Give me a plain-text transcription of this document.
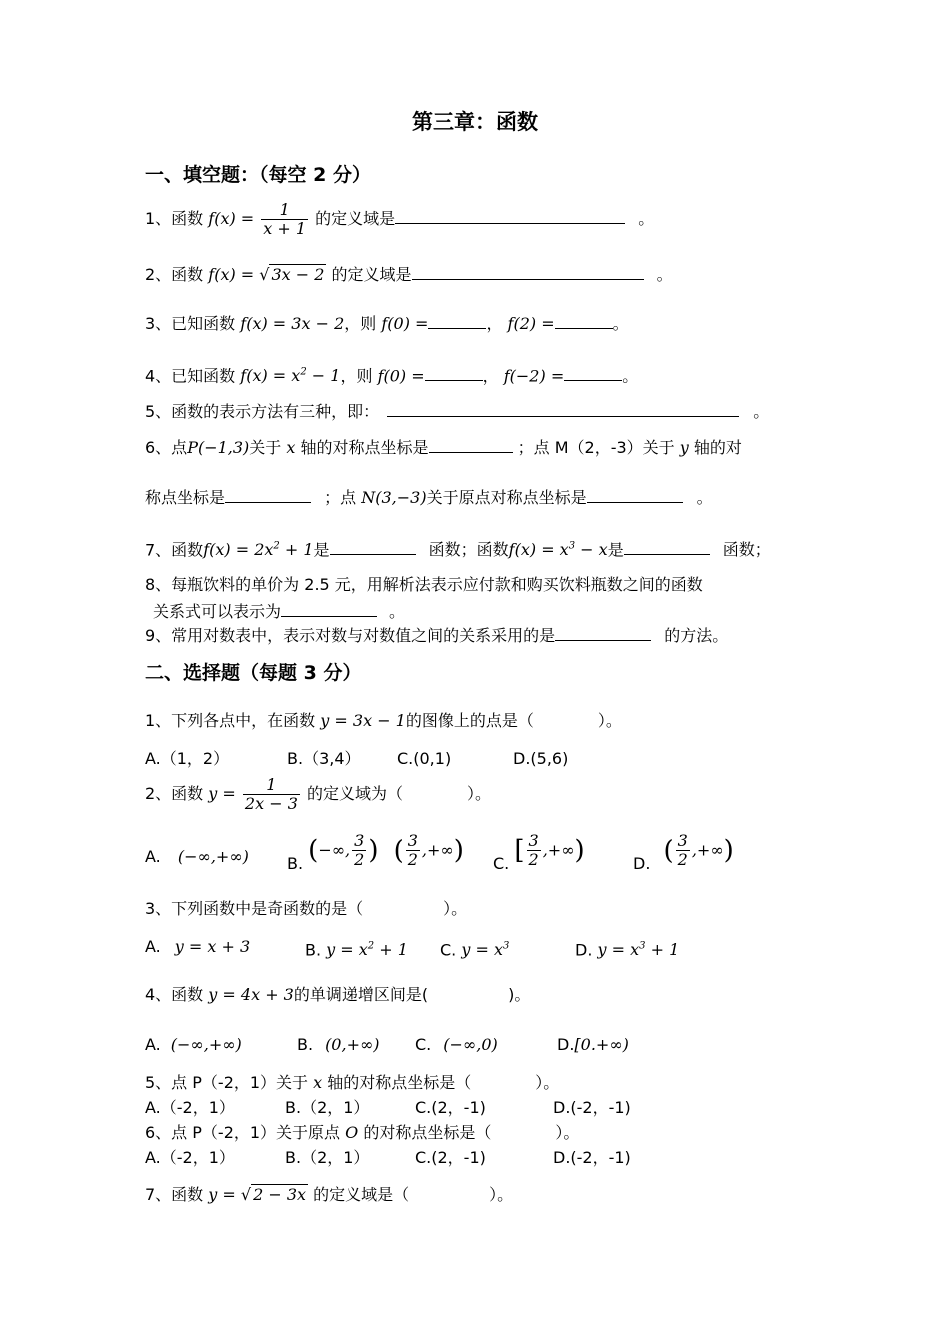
第三章：函数
一、填空题：（每空 2 分）
1、函数 $f(x) = \frac{1}{x + 1}$ 的定义域是	。
2、函数 f(x) = √ 3x − 2 的定义域是	。
3、已知函数 f(x) = 3x − 2，则 f(0) =	， f(2) =	。
4、已知函数 $f(x) = x^2 - 1$，则 f(0) =	， f(−2) =	。
5、函数的表示方法有三种，即：	。
6、点P(−1,3)关于 x 轴的对称点坐标是	；点 M（2，-3）关于 y 轴的对
称点坐标是	；点 N(3,−3)关于原点对称点坐标是	。
7、函数$f(x) = 2x^2 + 1$是	函数；函数$f(x) = x^3 - x$是	函数；
8、每瓶饮料的单价为 2.5 元，用解析法表示应付款和购买饮料瓶数之间的函数
关系式可以表示为	。
9、常用对数表中，表示对数与对数值之间的关系采用的是	的方法。
二、选择题（每题 3 分）
1、下列各点中，在函数 y = 3x − 1的图像上的点是（　　　　）。
A.（1，2）	B.（3,4） C.(0,1)	D.(5,6)
2、函数 $y = \frac{1}{2x - 3}$ 的定义域为（　　　　）。
A. (−∞,+∞) B. (−∞, $\frac{3}{2}$ ) ( $\frac{3}{2}$ ,+∞) C. [ $\frac{3}{2}$ ,+∞)	D. ( $\frac{3}{2}$ ,+∞)
3、下列函数中是奇函数的是（　　　　　）。
A. y = x + 3	B. $y = x^2 + 1$ C. $y = x^3$	D. $y = x^3 + 1$
4、函数 y = 4x + 3的单调递增区间是(　　　　　)。
A. (−∞,+∞)	B. (0,+∞) C. (−∞,0)	D.[0.+∞)
5、点 P（-2，1）关于 x 轴的对称点坐标是（　　　　）。
A.（-2，1）	B.（2，1）	C.(2，-1)	D.(-2，-1)
6、点 P（-2，1）关于原点 O 的对称点坐标是（　　　　）。
A.（-2，1）	B.（2，1）	C.(2，-1)	D.(-2，-1)
7、函数 y = √ 2 − 3x 的定义域是（　　　　　）。
